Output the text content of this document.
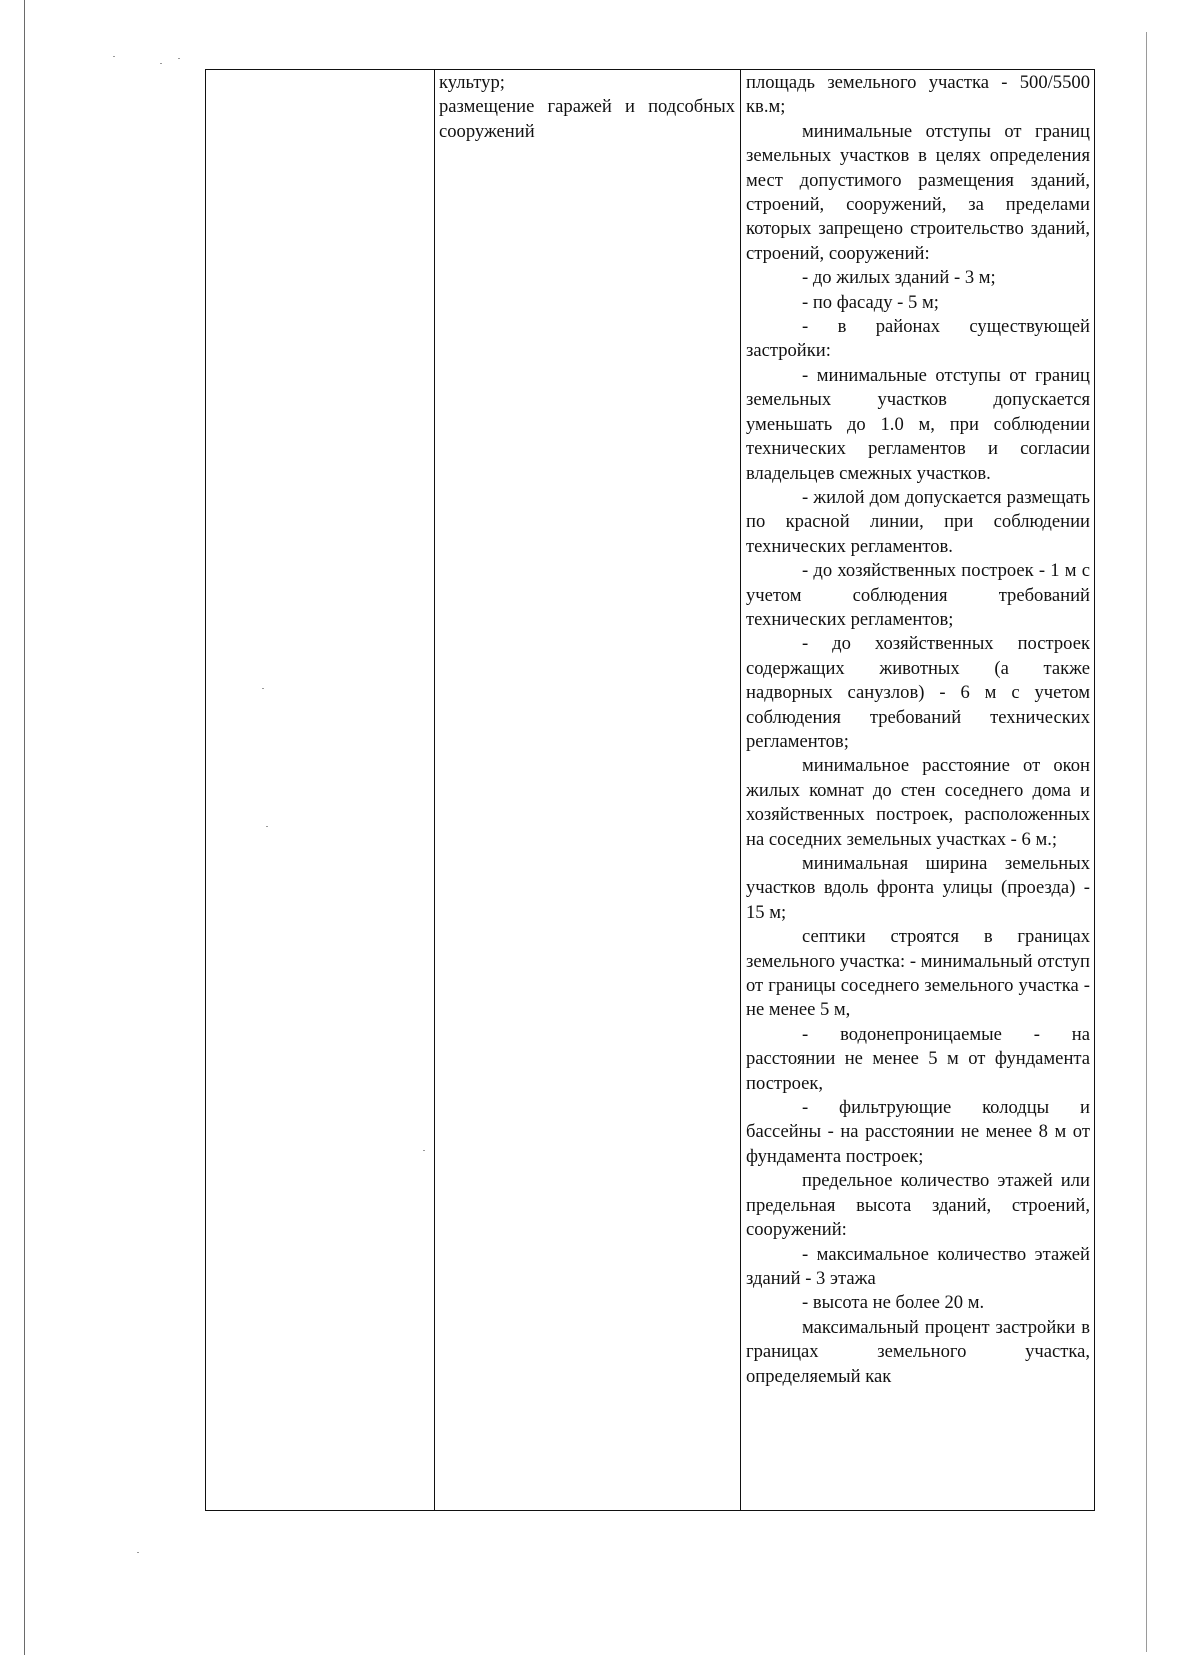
культур;

размещение гаражей и подсобных сооружений

площадь земельного участка - 500/5500 кв.м;

минимальные отступы от границ земельных участков в целях определения мест допустимого размещения зданий, строений, сооружений, за пределами которых запрещено строительство зданий, строений, сооружений:

- до жилых зданий - 3 м;

- по фасаду - 5 м;

- в районах существующей застройки:

- минимальные отступы от границ земельных участков допускается уменьшать до 1.0 м, при соблюдении технических регламентов и согласии владельцев смежных участков.

- жилой дом допускается размещать по красной линии, при соблюдении технических регламентов.

- до хозяйственных построек - 1 м с учетом соблюдения требований технических регламентов;

- до хозяйственных построек содержащих животных (а также надворных санузлов) - 6 м с учетом соблюдения требований технических регламентов;

минимальное расстояние от окон жилых комнат до стен соседнего дома и хозяйственных построек, расположенных на соседних земельных участках - 6 м.;

минимальная ширина земельных участков вдоль фронта улицы (проезда) - 15 м;

септики строятся в границах земельного участка: - минимальный отступ от границы соседнего земельного участка - не менее 5 м,

- водонепроницаемые - на расстоянии не менее 5 м от фундамента построек,

- фильтрующие колодцы и бассейны - на расстоянии не менее 8 м от фундамента построек;

предельное количество этажей или предельная высота зданий, строений, сооружений:

- максимальное количество этажей зданий - 3 этажа

- высота не более 20 м.

максимальный процент застройки в границах земельного участка, определяемый как
